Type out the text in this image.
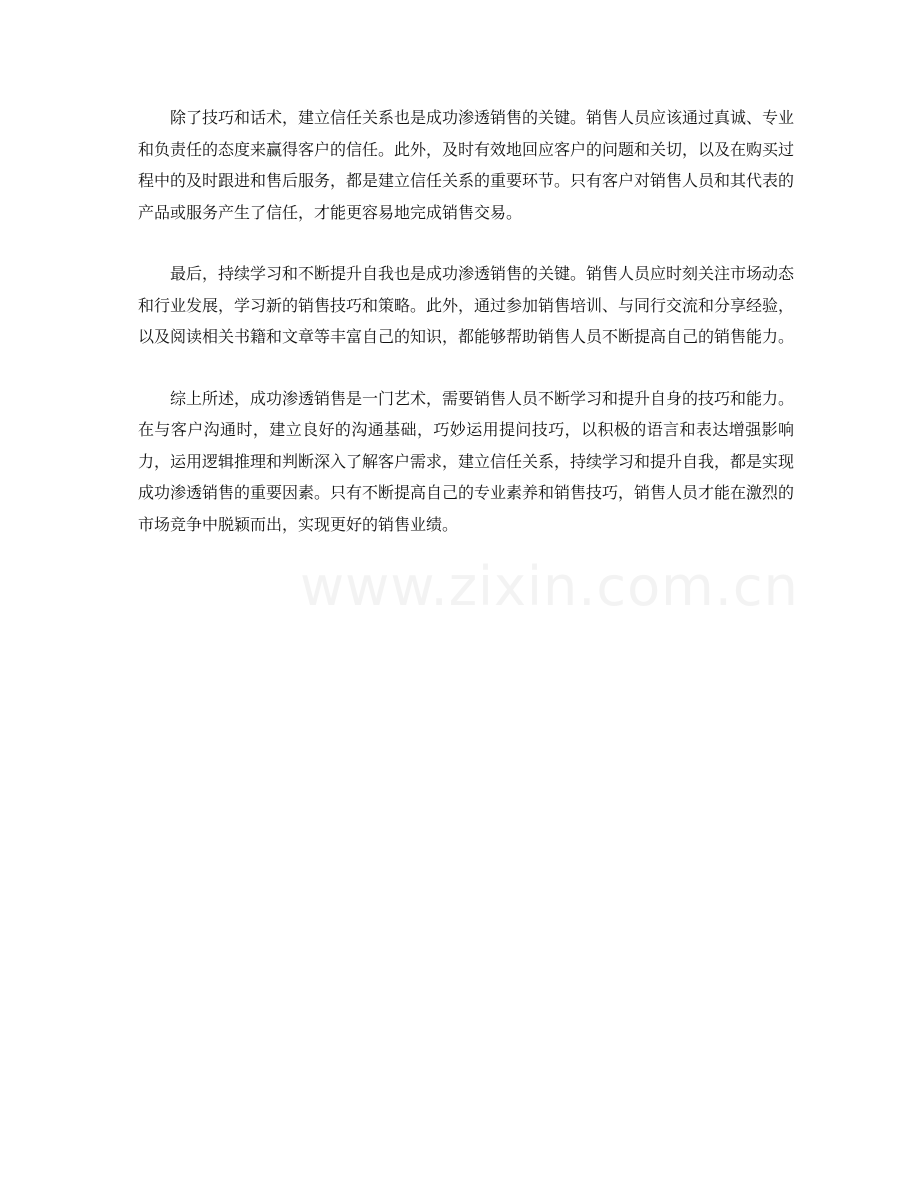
除了技巧和话术，建立信任关系也是成功渗透销售的关键。销售人员应该通过真诚、专业和负责任的态度来赢得客户的信任。此外，及时有效地回应客户的问题和关切，以及在购买过程中的及时跟进和售后服务，都是建立信任关系的重要环节。只有客户对销售人员和其代表的产品或服务产生了信任，才能更容易地完成销售交易。

最后，持续学习和不断提升自我也是成功渗透销售的关键。销售人员应时刻关注市场动态和行业发展，学习新的销售技巧和策略。此外，通过参加销售培训、与同行交流和分享经验，以及阅读相关书籍和文章等丰富自己的知识，都能够帮助销售人员不断提高自己的销售能力。

综上所述，成功渗透销售是一门艺术，需要销售人员不断学习和提升自身的技巧和能力。在与客户沟通时，建立良好的沟通基础，巧妙运用提问技巧，以积极的语言和表达增强影响力，运用逻辑推理和判断深入了解客户需求，建立信任关系，持续学习和提升自我，都是实现成功渗透销售的重要因素。只有不断提高自己的专业素养和销售技巧，销售人员才能在激烈的市场竞争中脱颖而出，实现更好的销售业绩。

www.zixin.com.cn
